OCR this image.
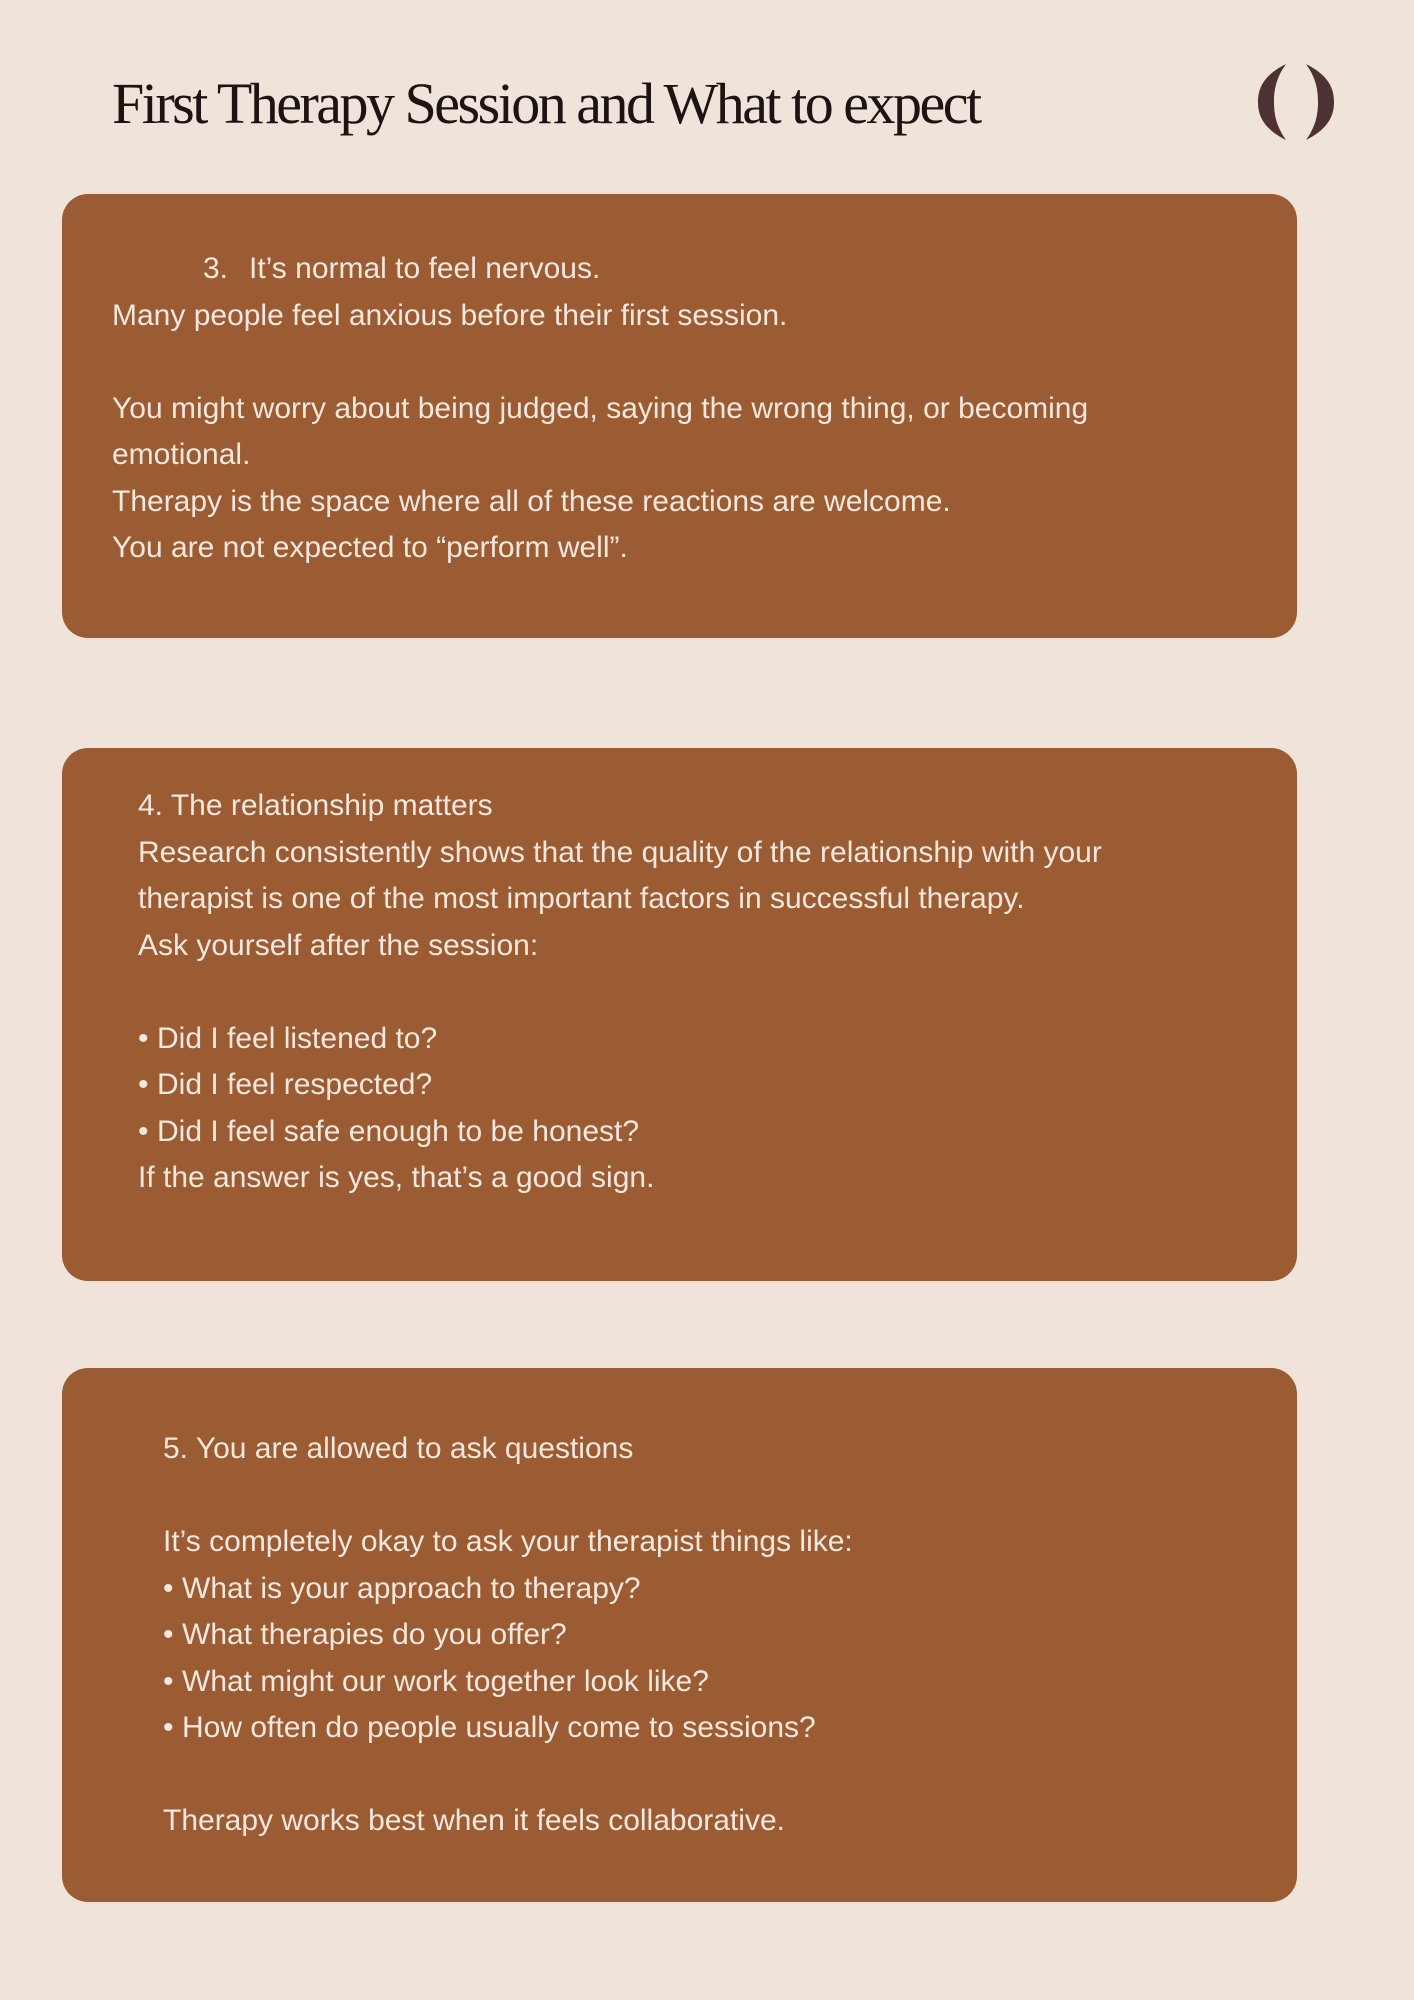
First Therapy Session and What to expect

3. It’s normal to feel nervous.

Many people feel anxious before their first session.

You might worry about being judged, saying the wrong thing, or becoming

emotional.

Therapy is the space where all of these reactions are welcome.

You are not expected to “perform well”.

4. The relationship matters

Research consistently shows that the quality of the relationship with your

therapist is one of the most important factors in successful therapy.

Ask yourself after the session:

• Did I feel listened to?
• Did I feel respected?
• Did I feel safe enough to be honest?

If the answer is yes, that’s a good sign.

5. You are allowed to ask questions

It’s completely okay to ask your therapist things like:

• What is your approach to therapy?
• What therapies do you offer?
• What might our work together look like?
• How often do people usually come to sessions?

Therapy works best when it feels collaborative.
